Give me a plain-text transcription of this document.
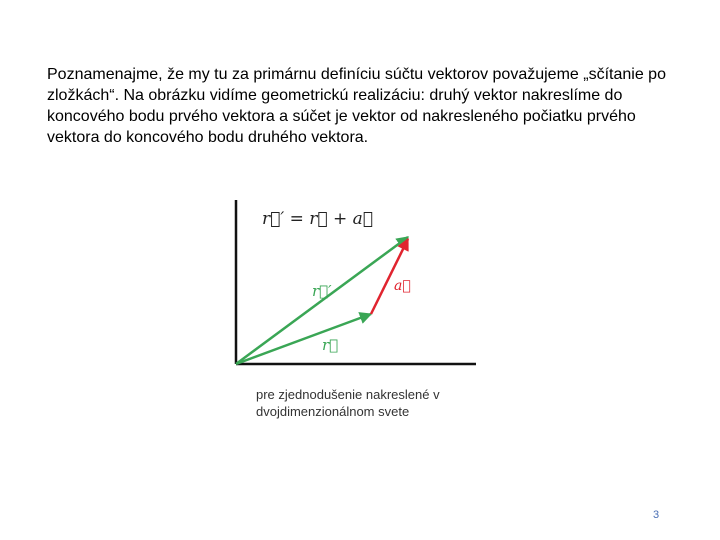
Poznamenajme, že my tu za primárnu definíciu súčtu vektorov považujeme „sčítanie po zložkách“. Na obrázku vidíme geometrickú realizáciu: druhý vektor nakreslíme do koncového bodu prvého vektora a súčet je vektor od nakresleného počiatku prvého vektora do koncového bodu druhého vektora.

r⃗′ = r⃗ + a⃗
r⃗′	a⃗
r⃗
pre zjednodušenie nakreslené v dvojdimenzionálnom svete
3
